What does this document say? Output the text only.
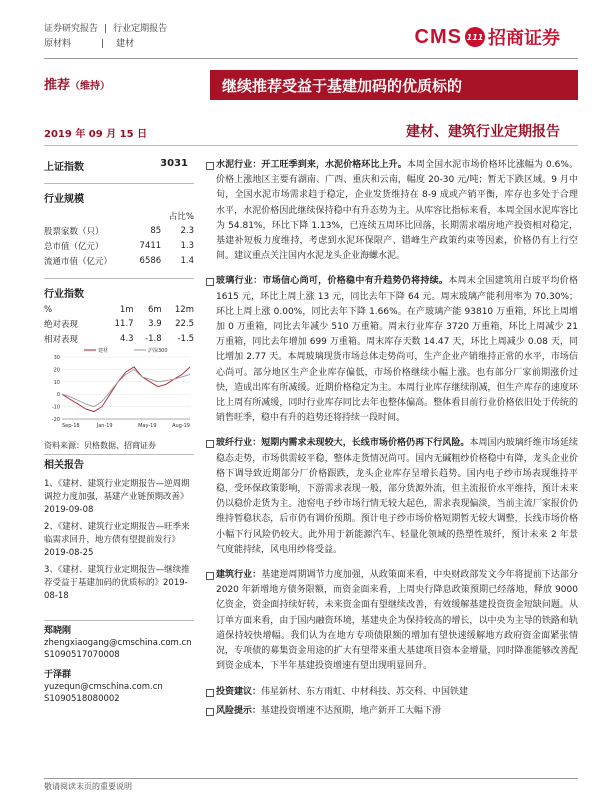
证券研究报告 | 行业定期报告
原材料	| 建材	CMS 111 招商证券
推荐（维持）	继续推荐受益于基建加码的优质标的
2019 年 09 月 15 日	建材、建筑行业定期报告
上证指数	3031
行业规模
		占比%
股票家数（只）	85	2.3
总市值（亿元）	7411	1.3
流通市值（亿元）	6586	1.4
行业指数
%	1m	6m	12m
绝对表现	11.7	3.9	22.5
相对表现	4.3	-1.8	-1.5
-20
-10
0
10
20
30
Sep-18	Jan-19	May-19	Aug-19
建材	沪深300
资料来源：贝格数据、招商证券
相关报告
1、《建材、建筑行业定期报告—逆周期调控力度加强，基建产业链预期改善》2019-09-08
2、《建材、建筑行业定期报告—旺季来临需求回升，地方债有望提前发行》2019-08-25
3、《建材、建筑行业定期报告—继续推荐受益于基建加码的优质标的》2019-08-18
郑晓刚
zhengxiaogang@cmschina.com.cn
S1090517070008
于泽群
yuzequn@cmschina.com.cn
S1090518080002
水泥行业：开工旺季到来，水泥价格环比上升。本周全国水泥市场价格环比涨幅为 0.6%。价格上涨地区主要有湖南、广西、重庆和云南，幅度 20-30 元/吨；暂无下跌区域。9 月中旬，全国水泥市场需求趋于稳定，企业发货维持在 8-9 成或产销平衡，库存也多处于合理水平，水泥价格因此继续保持稳中有升态势为主。从库容比指标来看，本周全国水泥库容比为 54.81%，环比下降 1.13%，已连续五周环比回落，长期需求端房地产投资相对稳定，基建补短板力度维持，考虑到水泥环保限产、错峰生产政策约束等因素，价格仍有上行空间。建议重点关注国内水泥龙头企业海螺水泥。
玻璃行业：市场信心尚可，价格稳中有升趋势仍将持续。本周末全国建筑用白玻平均价格 1615 元，环比上周上涨 13 元，同比去年下降 64 元。周末玻璃产能利用率为 70.30%；环比上周上涨 0.00%，同比去年下降 1.66%。在产玻璃产能 93810 万重箱，环比上周增加 0 万重箱，同比去年减少 510 万重箱。周末行业库存 3720 万重箱，环比上周减少 21 万重箱，同比去年增加 699 万重箱。周末库存天数 14.47 天，环比上周减少 0.08 天，同比增加 2.77 天。本周玻璃现货市场总体走势尚可，生产企业产销维持正常的水平，市场信心尚可。部分地区生产企业库存偏低，市场价格继续小幅上涨。也有部分厂家前期涨价过快，造成出库有所减缓。近期价格稳定为主。本周行业库存继续削减，但生产库存的速度环比上周有所减缓，同时行业库存同比去年也整体偏高。整体看目前行业价格依旧处于传统的销售旺季，稳中有升的趋势还将持续一段时间。
玻纤行业：短期内需求未现较大，长线市场价格仍再下行风险。本周国内玻璃纤维市场延续稳态走势，市场供需较平稳，整体走货情况尚可。国内无碱粗纱价格稳中有降，龙头企业价格下调导致近期部分厂价格跟跌，龙头企业库存呈增长趋势。国内电子纱市场表现维持平稳，受环保政策影响，下游需求表现一般，部分货源外流，但主流报价水平维持，预计未来仍以稳价走货为主。池窑电子纱市场行情无较大起色，需求表现偏淡，当前主流厂家报价仍维持暂稳状态，后市仍有调价预期。预计电子纱市场价格短期暂无较大调整，长线市场价格小幅下行风险仍较大。此外用于新能源汽车、轻量化领域的热塑性玻纤，预计未来 2 年景气度能持续，风电用纱将受益。
建筑行业：基建逆周期调节力度加强，从政策面来看，中央财政部发文今年将提前下达部分 2020 年新增地方债务限额，而资金面来看，上周央行降息政策预期已经落地，释放 9000 亿资金，资金面持续好转，未来资金面有望继续改善，有效缓解基建投资资金短缺问题。从订单方面来看，由于国内融资环境，基建央企为保持较高的增长，以中央为主导的铁路和轨道保持较快增幅。我们认为在地方专项债限额的增加有望快速缓解地方政府资金面紧张情况，专项债的募集资金用途的扩大有望带来重大基建项目资本金增量，同时降准能够改善配到资金成本，下半年基建投资增速有望出现明显回升。
投资建议：伟星新材、东方雨虹、中材科技、苏交科、中国铁建
风险提示：基建投资增速不达预期，地产新开工大幅下滑
敬请阅读末页的重要说明
